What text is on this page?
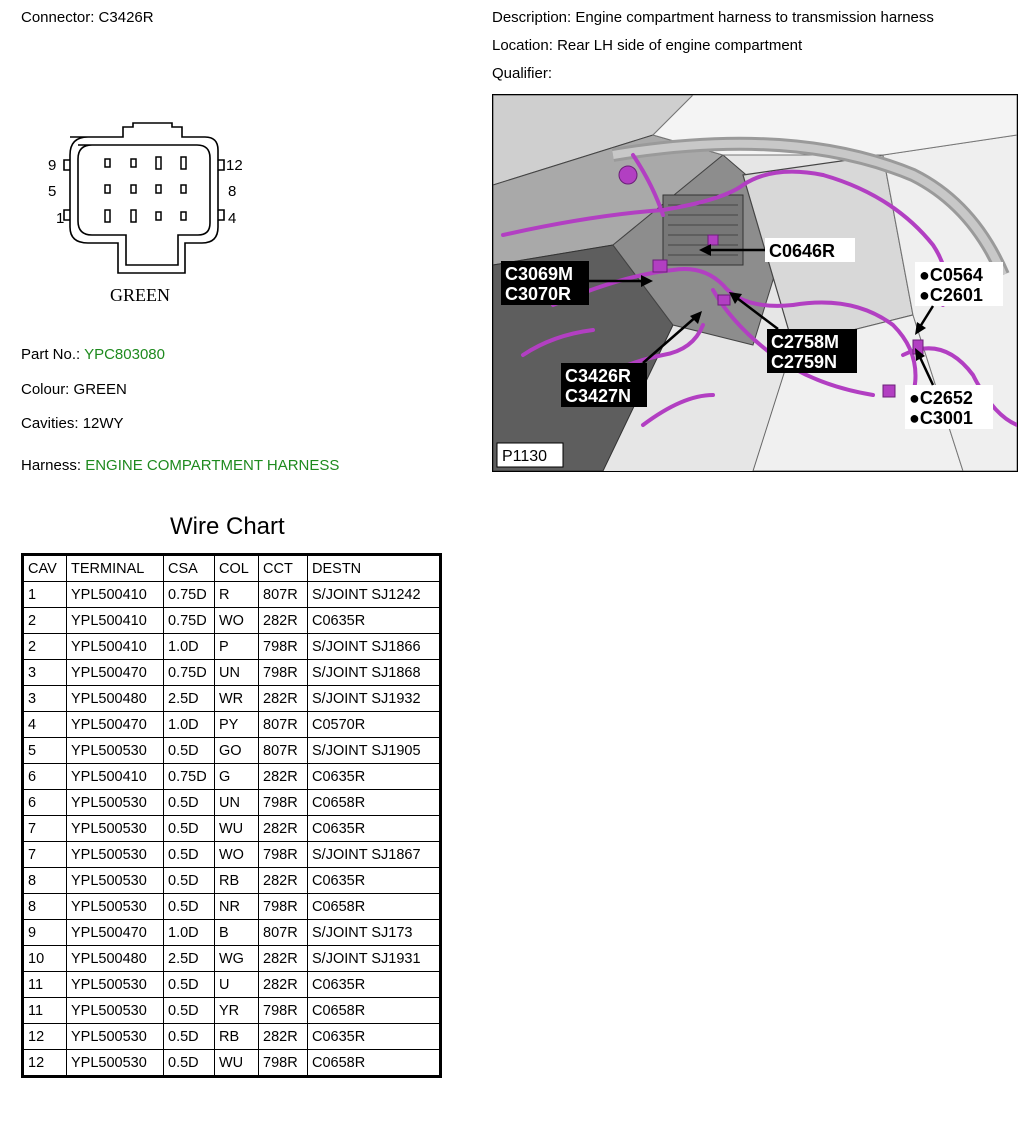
Connector: C3426R	Description: Engine compartment harness to transmission harness
Location: Rear LH side of engine compartment
Qualifier:
9
5
1
12
8
4
GREEN
Part No.: YPC803080
Colour: GREEN
Cavities: 12WY
Harness: ENGINE COMPARTMENT HARNESS
C0646R
C3069M
C3070R
C2758M
C2759N
C3426R
C3427N
●C0564
●C2601
●C2652
●C3001
P1130
Wire Chart
CAV	TERMINAL	CSA	COL	CCT	DESTN
1	YPL500410	0.75D	R	807R	S/JOINT SJ1242
2	YPL500410	0.75D	WO	282R	C0635R
2	YPL500410	1.0D	P	798R	S/JOINT SJ1866
3	YPL500470	0.75D	UN	798R	S/JOINT SJ1868
3	YPL500480	2.5D	WR	282R	S/JOINT SJ1932
4	YPL500470	1.0D	PY	807R	C0570R
5	YPL500530	0.5D	GO	807R	S/JOINT SJ1905
6	YPL500410	0.75D	G	282R	C0635R
6	YPL500530	0.5D	UN	798R	C0658R
7	YPL500530	0.5D	WU	282R	C0635R
7	YPL500530	0.5D	WO	798R	S/JOINT SJ1867
8	YPL500530	0.5D	RB	282R	C0635R
8	YPL500530	0.5D	NR	798R	C0658R
9	YPL500470	1.0D	B	807R	S/JOINT SJ173
10	YPL500480	2.5D	WG	282R	S/JOINT SJ1931
11	YPL500530	0.5D	U	282R	C0635R
11	YPL500530	0.5D	YR	798R	C0658R
12	YPL500530	0.5D	RB	282R	C0635R
12	YPL500530	0.5D	WU	798R	C0658R
